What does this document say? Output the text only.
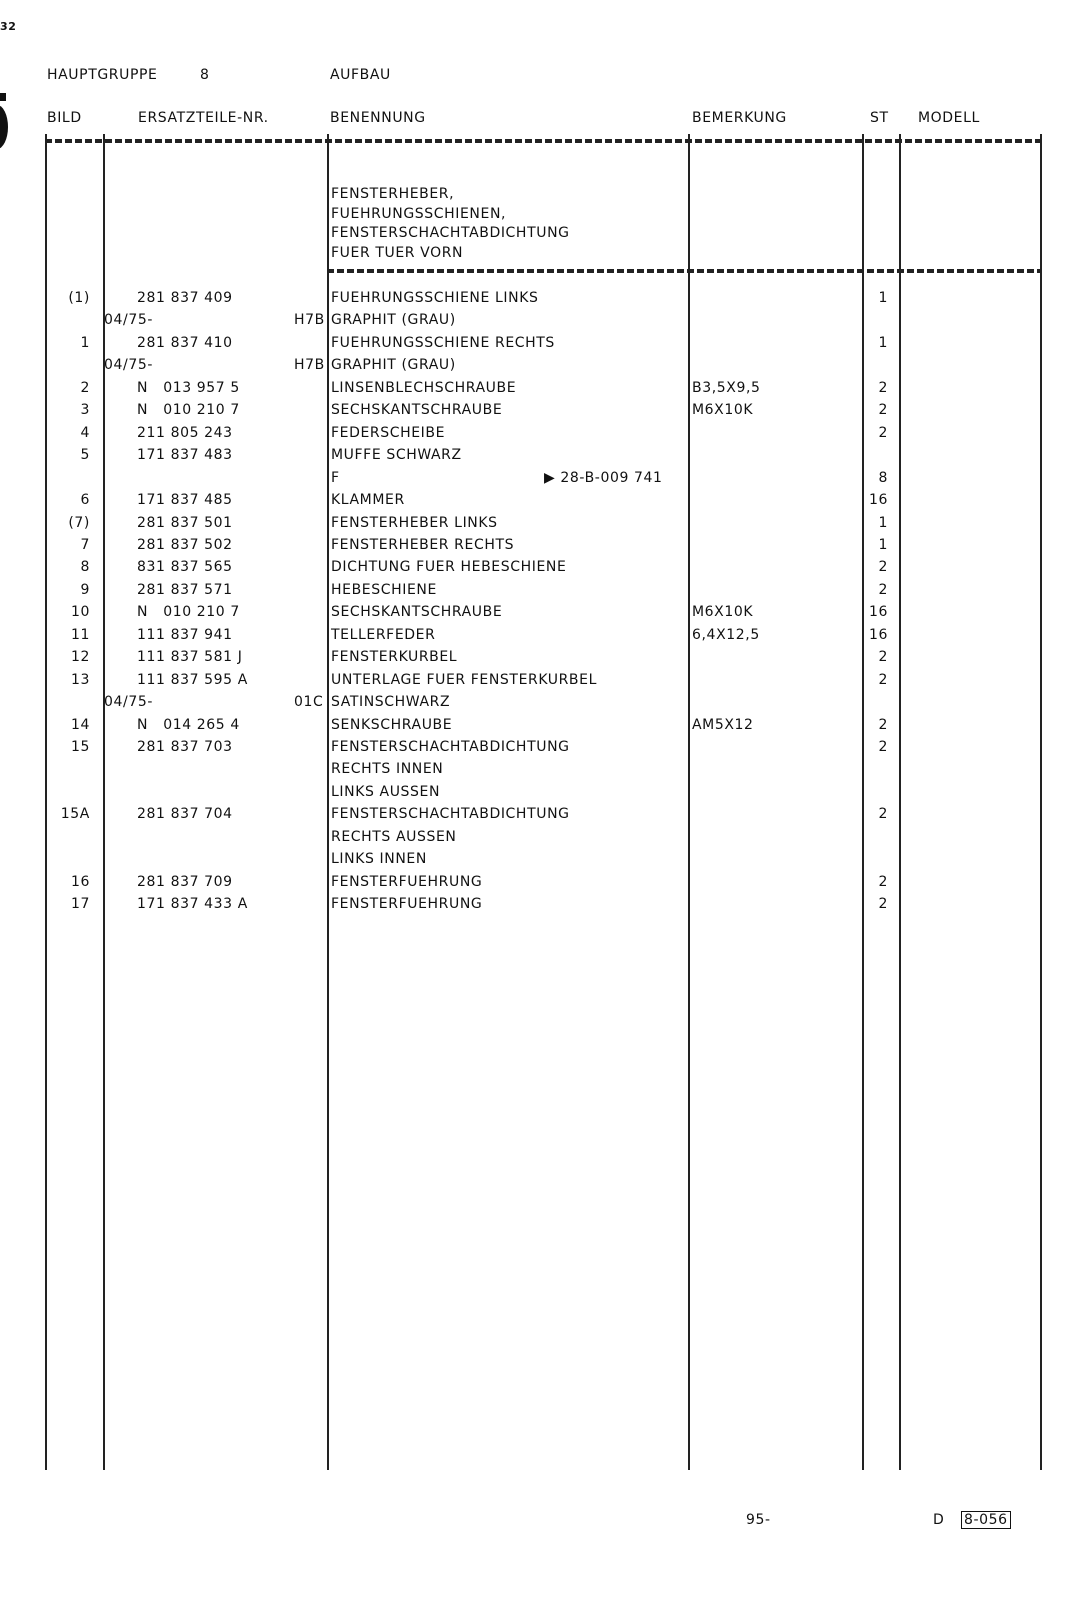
32
HAUPTGRUPPE	8	AUFBAU
BILD	ERSATZTEILE-NR.	BENENNUNG	BEMERKUNG	ST MODELL
FENSTERHEBER,
FUEHRUNGSSCHIENEN,
FENSTERSCHACHTABDICHTUNG
FUER TUER VORN
(1)	281 837 409	FUEHRUNGSSCHIENE LINKS	1
04/75-	H7B GRAPHIT (GRAU)
1	281 837 410	FUEHRUNGSSCHIENE RECHTS	1
04/75-	H7B GRAPHIT (GRAU)
2	N   013 957 5	LINSENBLECHSCHRAUBE	B3,5X9,5	2
3	N   010 210 7	SECHSKANTSCHRAUBE	M6X10K	2
4	211 805 243	FEDERSCHEIBE	2
5	171 837 483	MUFFE SCHWARZ
F	▶ 28-B-009 741	8
6	171 837 485	KLAMMER	16
(7)	281 837 501	FENSTERHEBER LINKS	1
7	281 837 502	FENSTERHEBER RECHTS	1
8	831 837 565	DICHTUNG FUER HEBESCHIENE	2
9	281 837 571	HEBESCHIENE	2
10	N   010 210 7	SECHSKANTSCHRAUBE	M6X10K	16
11	111 837 941	TELLERFEDER	6,4X12,5	16
12	111 837 581 J	FENSTERKURBEL	2
13	111 837 595 A	UNTERLAGE FUER FENSTERKURBEL	2
04/75-	01C SATINSCHWARZ
14	N   014 265 4	SENKSCHRAUBE	AM5X12	2
15	281 837 703	FENSTERSCHACHTABDICHTUNG	2
RECHTS INNEN
LINKS AUSSEN
15A	281 837 704	FENSTERSCHACHTABDICHTUNG	2
RECHTS AUSSEN
LINKS INNEN
16	281 837 709	FENSTERFUEHRUNG	2
17	171 837 433 A	FENSTERFUEHRUNG	2
95-	D 8-056
